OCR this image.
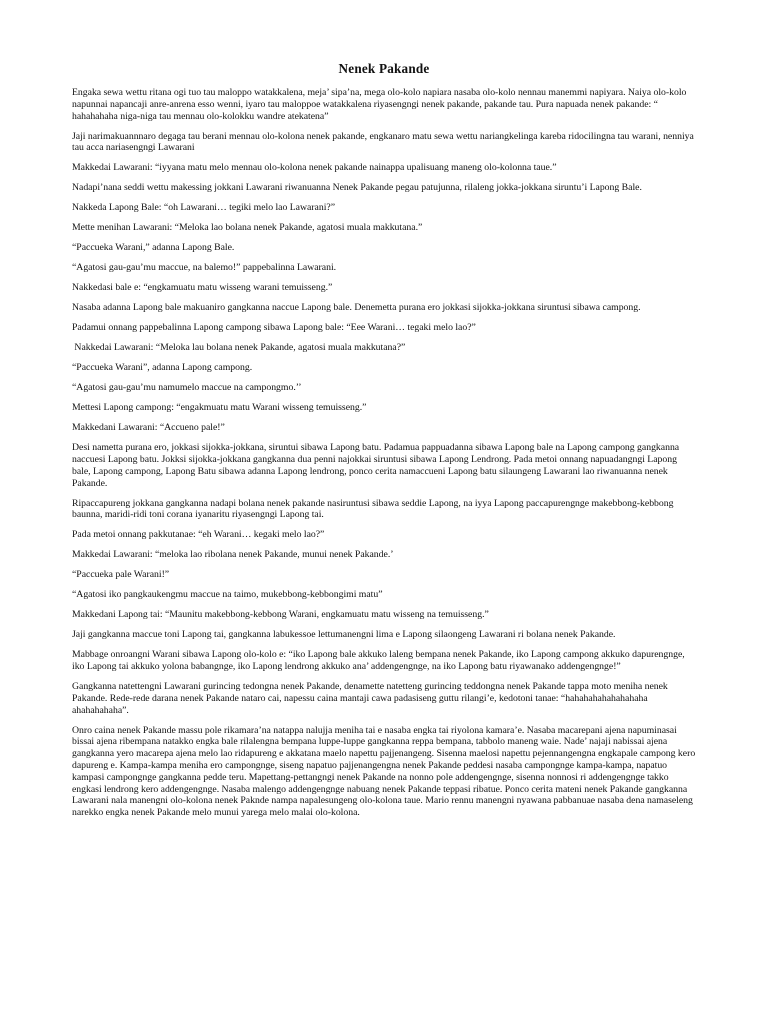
Nenek Pakande

Engaka sewa wettu ritana ogi tuo tau maloppo watakkalena, meja’ sipa’na, mega olo-kolo napiara nasaba olo-kolo nennau manemmi napiyara. Naiya olo-kolo napunnai napancaji anre-anrena esso wenni, iyaro tau maloppoe watakkalena riyasengngi nenek pakande, pakande tau. Pura napuada nenek pakande: “ hahahahaha niga-niga tau mennau olo-kolokku wandre atekatena”

Jaji narimakuannnaro degaga tau berani mennau olo-kolona nenek pakande, engkanaro matu sewa wettu nariangkelinga kareba ridocilingna tau warani, nenniya tau acca nariasengngi Lawarani

Makkedai Lawarani: “iyyana matu melo mennau olo-kolona nenek pakande nainappa upalisuang maneng olo-kolonna taue.”

Nadapi’nana seddi wettu makessing jokkani Lawarani riwanuanna Nenek Pakande pegau patujunna, rilaleng jokka-jokkana siruntu’i Lapong Bale.

Nakkeda Lapong Bale: “oh Lawarani… tegiki melo lao Lawarani?”

Mette menihan Lawarani: “Meloka lao bolana nenek Pakande, agatosi muala makkutana.”

“Paccueka Warani,” adanna Lapong Bale.

“Agatosi gau-gau’mu maccue, na balemo!” pappebalinna Lawarani.

Nakkedasi bale e: “engkamuatu matu wisseng warani temuisseng.”

Nasaba adanna Lapong bale makuaniro gangkanna naccue Lapong bale. Denemetta purana ero jokkasi sijokka-jokkana siruntusi sibawa campong.

Padamui onnang pappebalinna Lapong campong sibawa Lapong bale: “Eee Warani… tegaki melo lao?”

Nakkedai Lawarani: “Meloka lau bolana nenek Pakande, agatosi muala makkutana?”

“Paccueka Warani”, adanna Lapong campong.

“Agatosi gau-gau’mu namumelo maccue na campongmo.’’

Mettesi Lapong campong: “engakmuatu matu Warani wisseng temuisseng.”

Makkedani Lawarani: “Accueno pale!”

Desi nametta purana ero, jokkasi sijokka-jokkana, siruntui sibawa Lapong batu. Padamua pappuadanna sibawa Lapong bale na Lapong campong gangkanna naccuesi Lapong batu. Jokksi sijokka-jokkana gangkanna dua penni najokkai siruntusi sibawa Lapong Lendrong. Pada metoi onnang napuadangngi Lapong bale, Lapong campong, Lapong Batu sibawa adanna Lapong lendrong, ponco cerita namaccueni Lapong batu silaungeng Lawarani lao riwanuanna nenek Pakande.

Ripaccapureng jokkana gangkanna nadapi bolana nenek pakande nasiruntusi sibawa seddie Lapong, na iyya Lapong paccapurengnge makebbong-kebbong baunna, maridi-ridi toni corana iyanaritu riyasengngi Lapong tai.

Pada metoi onnang pakkutanae: “eh Warani… kegaki melo lao?”

Makkedai Lawarani: “meloka lao ribolana nenek Pakande, munui nenek Pakande.’

“Paccueka pale Warani!”

“Agatosi iko pangkaukengmu maccue na taimo, mukebbong-kebbongimi matu”

Makkedani Lapong tai: “Maunitu makebbong-kebbong Warani, engkamuatu matu wisseng na temuisseng.”

Jaji gangkanna maccue toni Lapong tai, gangkanna labukessoe lettumanengni lima e Lapong silaongeng Lawarani ri bolana nenek Pakande.

Mabbage onroangni Warani sibawa Lapong olo-kolo e: “iko Lapong bale akkuko laleng bempana nenek Pakande, iko Lapong campong akkuko dapurengnge, iko Lapong tai akkuko yolona babangnge, iko Lapong lendrong akkuko ana’ addengengnge, na iko Lapong batu riyawanako addengengnge!”

Gangkanna natettengni Lawarani gurincing tedongna nenek Pakande, denamette natetteng gurincing teddongna nenek Pakande tappa moto meniha nenek Pakande. Rede-rede darana nenek Pakande nataro cai, napessu caina mantaji cawa padasiseng guttu rilangi’e, kedotoni tanae: “hahahahahahahahaha ahahahahaha”.

Onro caina nenek Pakande massu pole rikamara’na natappa nalujja meniha tai e nasaba engka tai riyolona kamara’e. Nasaba macarepani ajena napuminasai bissai ajena ribempana natakko engka bale rilalengna bempana luppe-luppe gangkanna reppa bempana, tabbolo maneng waie. Nade’ najaji nabissai ajena gangkanna yero macarepa ajena melo lao ridapureng e akkatana maelo napettu pajjenangeng. Sisenna maelosi napettu pejennangengna engkapale campong kero dapureng e. Kampa-kampa meniha ero campongnge, siseng napatuo pajjenangengna nenek Pakande peddesi nasaba campongnge kampa-kampa, napatuo kampasi campongnge gangkanna pedde teru. Mapettang-pettangngi nenek Pakande na nonno pole addengengnge, sisenna nonnosi ri addengengnge takko engkasi lendrong kero addengengnge. Nasaba malengo addengengnge nabuang nenek Pakande teppasi ribatue. Ponco cerita mateni nenek Pakande gangkanna Lawarani nala manengni olo-kolona nenek Paknde nampa napalesungeng olo-kolona taue. Mario rennu manengni nyawana pabbanuae nasaba dena namaseleng narekko engka nenek Pakande melo munui yarega melo malai olo-kolona.
